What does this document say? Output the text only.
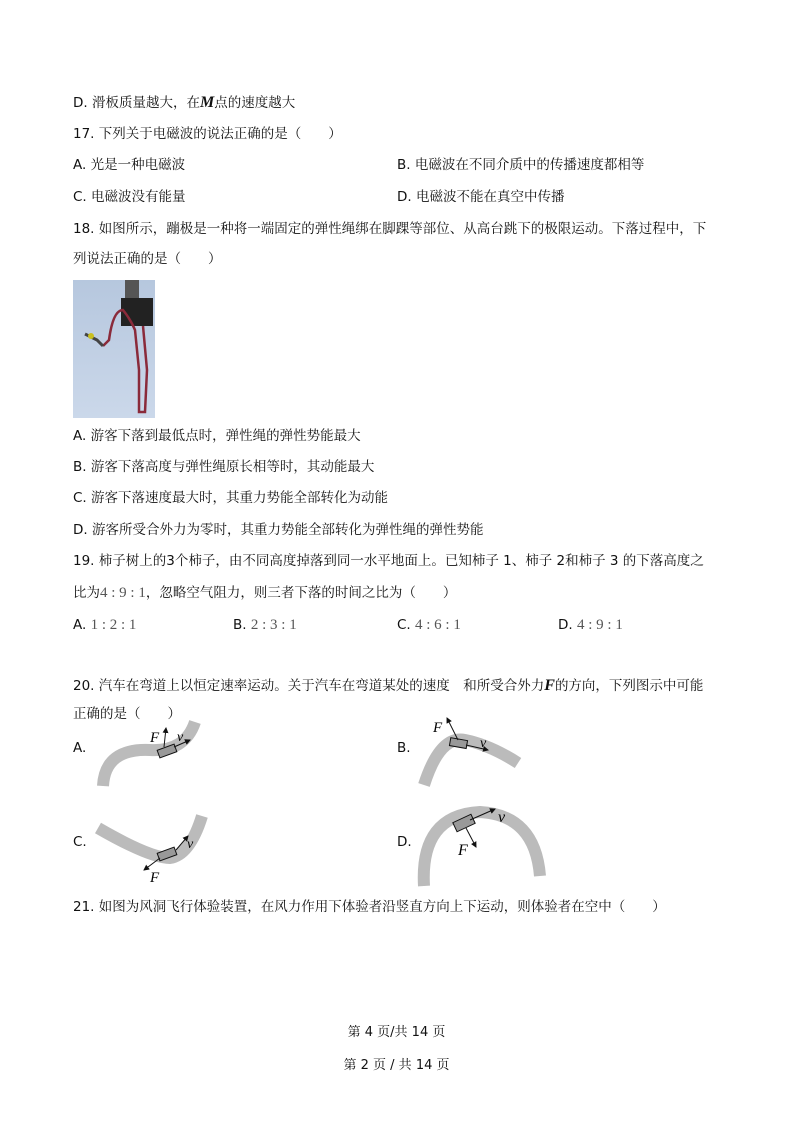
D. 滑板质量越大，在M点的速度越大
17. 下列关于电磁波的说法正确的是（　　）
A. 光是一种电磁波	B. 电磁波在不同介质中的传播速度都相等
C. 电磁波没有能量	D. 电磁波不能在真空中传播
18. 如图所示，蹦极是一种将一端固定的弹性绳绑在脚踝等部位、从高台跳下的极限运动。下落过程中，下
列说法正确的是（　　）
A. 游客下落到最低点时，弹性绳的弹性势能最大
B. 游客下落高度与弹性绳原长相等时，其动能最大
C. 游客下落速度最大时，其重力势能全部转化为动能
D. 游客所受合外力为零时，其重力势能全部转化为弹性绳的弹性势能
19. 柿子树上的3个柿子，由不同高度掉落到同一水平地面上。已知柿子 1、柿子 2和柿子 3 的下落高度之
比为4 : 9 : 1，忽略空气阻力，则三者下落的时间之比为（　　）
A. 1 : 2 : 1	B. 2 : 3 : 1	C. 4 : 6 : 1	D. 4 : 9 : 1
20. 汽车在弯道上以恒定速率运动。关于汽车在弯道某处的速度　和所受合外力F的方向，下列图示中可能
正确的是（　　）
A.	B.
C.	D.
F v
F
v
F
v	F
v
21. 如图为风洞飞行体验装置，在风力作用下体验者沿竖直方向上下运动，则体验者在空中（　　）
第 4 页/共 14 页
第 2 页 / 共 14 页
